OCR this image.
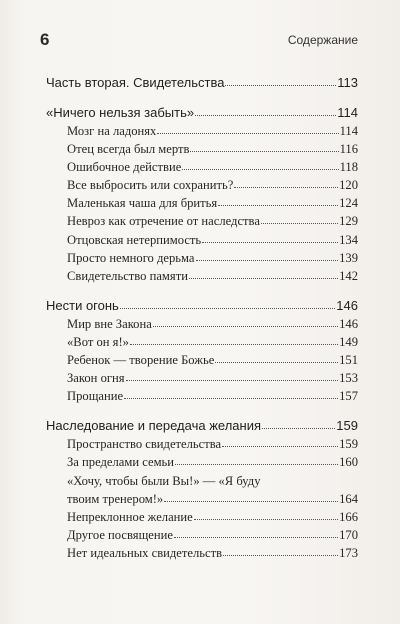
6	Содержание
Часть вторая. Свидетельства	113
«Ничего нельзя забыть»	114
Мозг на ладонях	114
Отец всегда был мертв	116
Ошибочное действие	118
Все выбросить или сохранить?	120
Маленькая чаша для бритья	124
Невроз как отречение от наследства	129
Отцовская нетерпимость	134
Просто немного дерьма	139
Свидетельство памяти	142
Нести огонь	146
Мир вне Закона	146
«Вот он я!»	149
Ребенок — творение Божье	151
Закон огня	153
Прощание	157
Наследование и передача желания	159
Пространство свидетельства	159
За пределами семьи	160
«Хочу, чтобы были Вы!» — «Я буду
твоим тренером!»	164
Непреклонное желание	166
Другое посвящение	170
Нет идеальных свидетельств	173
